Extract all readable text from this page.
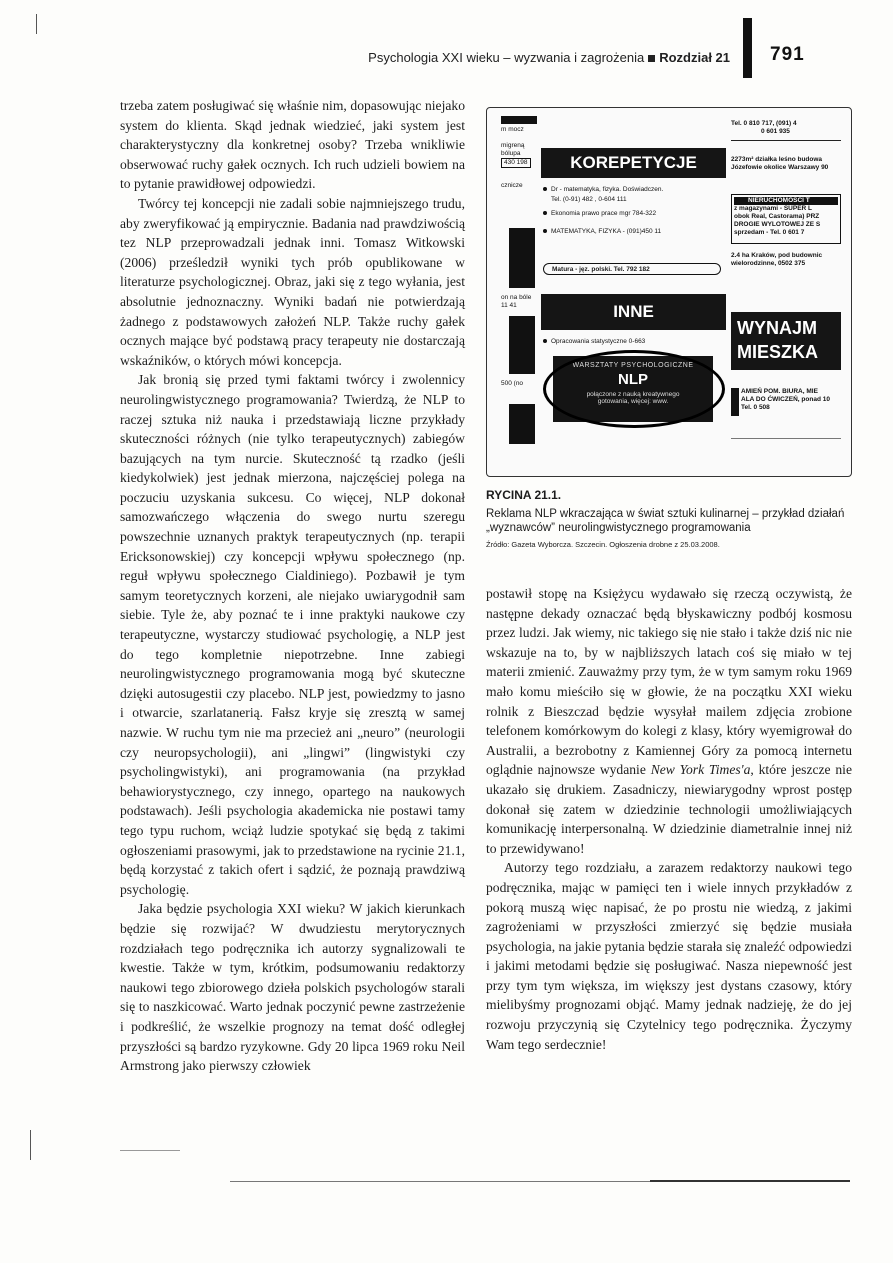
Psychologia XXI wieku – wyzwania i zagrożenia Rozdział 21 791

trzeba zatem posługiwać się właśnie nim, dopasowując niejako system do klienta. Skąd jednak wiedzieć, jaki system jest charakterystyczny dla konkretnej osoby? Trzeba wnikliwie obserwować ruchy gałek ocznych. Ich ruch udzieli bowiem na to pytanie prawidłowej odpowiedzi.

Twórcy tej koncepcji nie zadali sobie najmniejszego trudu, aby zweryfikować ją empirycznie. Badania nad prawdziwością tez NLP przeprowadzali jednak inni. Tomasz Witkowski (2006) prześledził wyniki tych prób opublikowane w literaturze psychologicznej. Obraz, jaki się z tego wyłania, jest absolutnie jednoznaczny. Wyniki badań nie potwierdzają żadnego z podstawowych założeń NLP. Także ruchy gałek ocznych mające być podstawą pracy terapeuty nie dostarczają wskaźników, o których mówi koncepcja.

Jak bronią się przed tymi faktami twórcy i zwolennicy neurolingwistycznego programowania? Twierdzą, że NLP to raczej sztuka niż nauka i przedstawiają liczne przykłady skuteczności różnych (nie tylko terapeutycznych) zabiegów bazujących na tym nurcie. Skuteczność tą rzadko (jeśli kiedykolwiek) jest jednak mierzona, najczęściej polega na poczuciu uzyskania sukcesu. Co więcej, NLP dokonał samozwańczego włączenia do swego nurtu szeregu powszechnie uznanych praktyk terapeutycznych (np. terapii Ericksonowskiej) czy koncepcji wpływu społecznego (np. reguł wpływu społecznego Cialdiniego). Pozbawił je tym samym teoretycznych korzeni, ale niejako uwiarygodnił sam siebie. Tyle że, aby poznać te i inne praktyki naukowe czy terapeutyczne, wystarczy studiować psychologię, a NLP jest do tego kompletnie niepotrzebne. Inne zabiegi neurolingwistycznego programowania mogą być skuteczne dzięki autosugestii czy placebo. NLP jest, powiedzmy to jasno i otwarcie, szarlatanerią. Fałsz kryje się zresztą w samej nazwie. W ruchu tym nie ma przecież ani „neuro” (neurologii czy neuropsychologii), ani „lingwi” (lingwistyki czy psycholingwistyki), ani programowania (na przykład behawiorystycznego, czy innego, opartego na naukowych podstawach). Jeśli psychologia akademicka nie postawi tamy tego typu ruchom, wciąż ludzie spotykać się będą z takimi ogłoszeniami prasowymi, jak to przedstawione na rycinie 21.1, będą korzystać z takich ofert i sądzić, że poznają prawdziwą psychologię.

Jaka będzie psychologia XXI wieku? W jakich kierunkach będzie się rozwijać? W dwudziestu merytorycznych rozdziałach tego podręcznika ich autorzy sygnalizowali te kwestie. Także w tym, krótkim, podsumowaniu redaktorzy naukowi tego zbiorowego dzieła polskich psychologów starali się to naszkicować. Warto jednak poczynić pewne zastrzeżenie i podkreślić, że wszelkie prognozy na temat dość odległej przyszłości są bardzo ryzykowne. Gdy 20 lipca 1969 roku Neil Armstrong jako pierwszy człowiek

m mocz
migreną
bólupa
430 198
cznicze
on na bóle
11 41
500 (no
KOREPETYCJE
Dr - matematyka, fizyka. Doświadczen.
Tel. (0-91) 482 , 0-604 111
Ekonomia prawo prace mgr 784-322
MATEMATYKA, FIZYKA - (091)450 11
Matura - jęz. polski. Tel. 792 182
INNE
Opracowania statystyczne 0-663
WARSZTATY PSYCHOLOGICZNE
NLP
połączone z nauką kreatywnego
gotowania, więcej: www.
Tel. 0 810 717, (091) 4
0 601 935
2273m² działka leśno budowa
Józefowie okolice Warszawy 90
NIERUCHOMOŚCI T
z magazynami - SUPER L
obok Real, Castorama) PRZ
DROGIE WYLOTOWEJ ZE S
sprzedam - Tel. 0 601 7
2.4 ha Kraków, pod budownic
wielorodzinne, 0502 375
WYNAJM
MIESZKA
AMIEŃ POM. BIURA, MIE
ALA DO ĆWICZEŃ, ponad 10
Tel. 0 508
RYCINA 21.1.
Reklama NLP wkraczająca w świat sztuki kulinarnej – przykład działań „wyznawców” neurolingwistycznego programowania
Źródło: Gazeta Wyborcza. Szczecin. Ogłoszenia drobne z 25.03.2008.

postawił stopę na Księżycu wydawało się rzeczą oczywistą, że następne dekady oznaczać będą błyskawiczny podbój kosmosu przez ludzi. Jak wiemy, nic takiego się nie stało i także dziś nic nie wskazuje na to, by w najbliższych latach coś się miało w tej materii zmienić. Zauważmy przy tym, że w tym samym roku 1969 mało komu mieściło się w głowie, że na początku XXI wieku rolnik z Bieszczad będzie wysyłał mailem zdjęcia zrobione telefonem komórkowym do kolegi z klasy, który wyemigrował do Australii, a bezrobotny z Kamiennej Góry za pomocą internetu oglądnie najnowsze wydanie New York Times'a, które jeszcze nie ukazało się drukiem. Zasadniczy, niewiarygodny wprost postęp dokonał się zatem w dziedzinie technologii umożliwiających komunikację interpersonalną. W dziedzinie diametralnie innej niż to przewidywano!

Autorzy tego rozdziału, a zarazem redaktorzy naukowi tego podręcznika, mając w pamięci ten i wiele innych przykładów z pokorą muszą więc napisać, że po prostu nie wiedzą, z jakimi zagrożeniami w przyszłości zmierzyć się będzie musiała psychologia, na jakie pytania będzie starała się znaleźć odpowiedzi i jakimi metodami będzie się posługiwać. Nasza niepewność jest przy tym tym większa, im większy jest dystans czasowy, który mielibyśmy prognozami objąć. Mamy jednak nadzieję, że do jej rozwoju przyczynią się Czytelnicy tego podręcznika. Życzymy Wam tego serdecznie!
